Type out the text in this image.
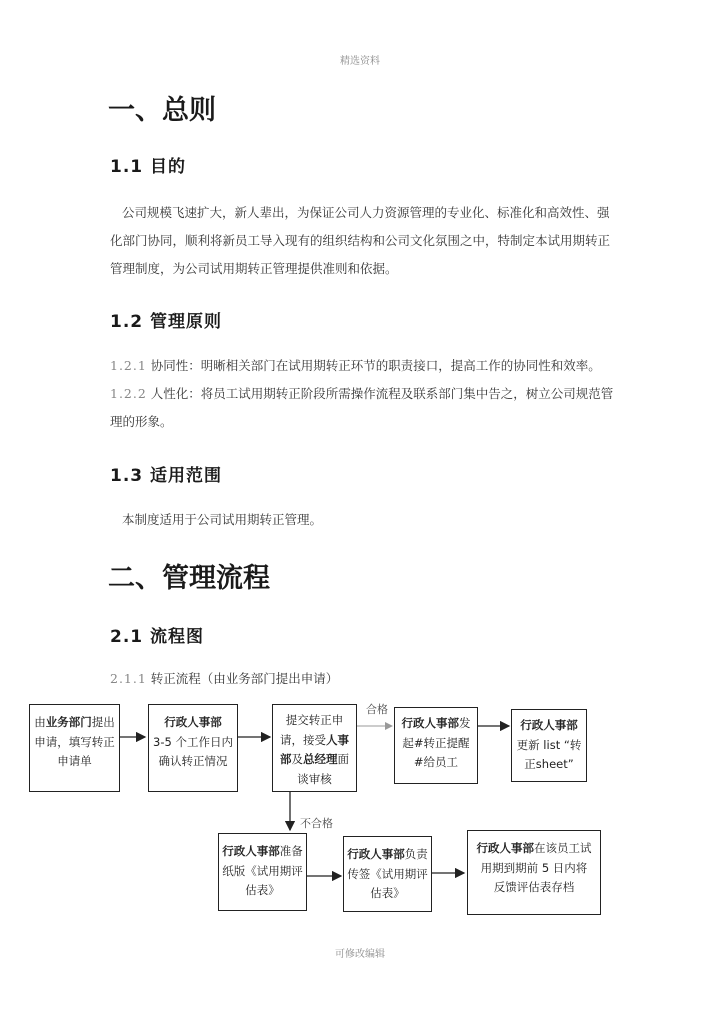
精选资料
一、总则
1.1 目的
公司规模飞速扩大，新人辈出，为保证公司人力资源管理的专业化、标准化和高效性、强化部门协同，顺利将新员工导入现有的组织结构和公司文化氛围之中，特制定本试用期转正管理制度，为公司试用期转正管理提供准则和依据。
1.2 管理原则
1.2.1 协同性：明晰相关部门在试用期转正环节的职责接口，提高工作的协同性和效率。
1.2.2 人性化：将员工试用期转正阶段所需操作流程及联系部门集中告之，树立公司规范管理的形象。
1.3 适用范围
本制度适用于公司试用期转正管理。
二、管理流程
2.1 流程图
2.1.1 转正流程（由业务部门提出申请）
合格
不合格
由业务部门提出申请，填写转正申请单
行政人事部
3-5 个工作日内确认转正情况
提交转正申请，接受人事部及总经理面谈审核
行政人事部发起#转正提醒#给员工
行政人事部
更新 list “转正sheet”
行政人事部准备纸版《试用期评估表》
行政人事部负责传签《试用期评估表》
行政人事部在该员工试用期到期前 5 日内将反馈评估表存档
可修改编辑
